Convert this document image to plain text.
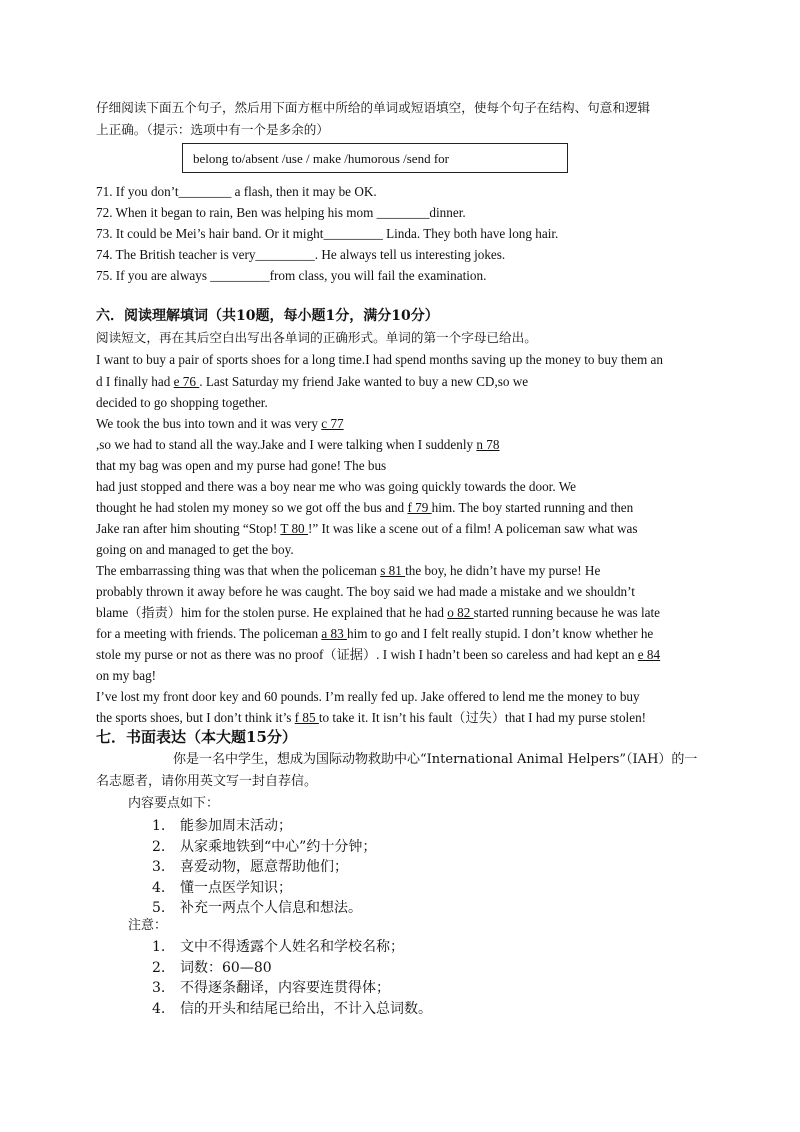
仔细阅读下面五个句子，然后用下面方框中所给的单词或短语填空，使每个句子在结构、句意和逻辑
上正确。（提示：选项中有一个是多余的）
belong to/absent /use / make /humorous /send for
71. If you don’t________ a flash, then it may be OK.
72. When it began to rain, Ben was helping his mom ________dinner.
73. It could be Mei’s hair band. Or it might_________ Linda. They both have long hair.
74. The British teacher is very_________. He always tell us interesting jokes.
75. If you are always _________from class, you will fail the examination.
六．阅读理解填词（共10题，每小题1分，满分10分）
阅读短文，再在其后空白出写出各单词的正确形式。单词的第一个字母已给出。
I want to buy a pair of sports shoes for a long time.I had spend months saving up the money to buy them an
d I finally had e 76 . Last Saturday my friend Jake wanted to buy a new CD,so we
decided to go shopping together.
We took the bus into town and it was very c 77
,so we had to stand all the way.Jake and I were talking when I suddenly n 78
that my bag was open and my purse had gone! The bus
had just stopped and there was a boy near me who was going quickly towards the door. We
thought he had stolen my money so we got off the bus and f 79 him. The boy started running and then
Jake ran after him shouting “Stop! T 80 !” It was like a scene out of a film! A policeman saw what was
going on and managed to get the boy.
The embarrassing thing was that when the policeman s 81 the boy, he didn’t have my purse! He
probably thrown it away before he was caught. The boy said we had made a mistake and we shouldn’t
blame（指责）him for the stolen purse. He explained that he had o 82 started running because he was late
for a meeting with friends. The policeman a 83 him to go and I felt really stupid. I don’t know whether he
stole my purse or not as there was no proof（证据）. I wish I hadn’t been so careless and had kept an e 84
on my bag!
I’ve lost my front door key and 60 pounds. I’m really fed up. Jake offered to lend me the money to buy
the sports shoes, but I don’t think it’s f 85 to take it. It isn’t his fault（过失）that I had my purse stolen!
七．书面表达（本大题15分）
你是一名中学生，想成为国际动物救助中心“International Animal Helpers”（IAH）的一
名志愿者，请你用英文写一封自荐信。
内容要点如下：
1. 能参加周末活动；
2. 从家乘地铁到“中心”约十分钟；
3. 喜爱动物，愿意帮助他们；
4. 懂一点医学知识；
5. 补充一两点个人信息和想法。
注意：
1. 文中不得透露个人姓名和学校名称；
2. 词数：60—80
3. 不得逐条翻译，内容要连贯得体；
4. 信的开头和结尾已给出，不计入总词数。
